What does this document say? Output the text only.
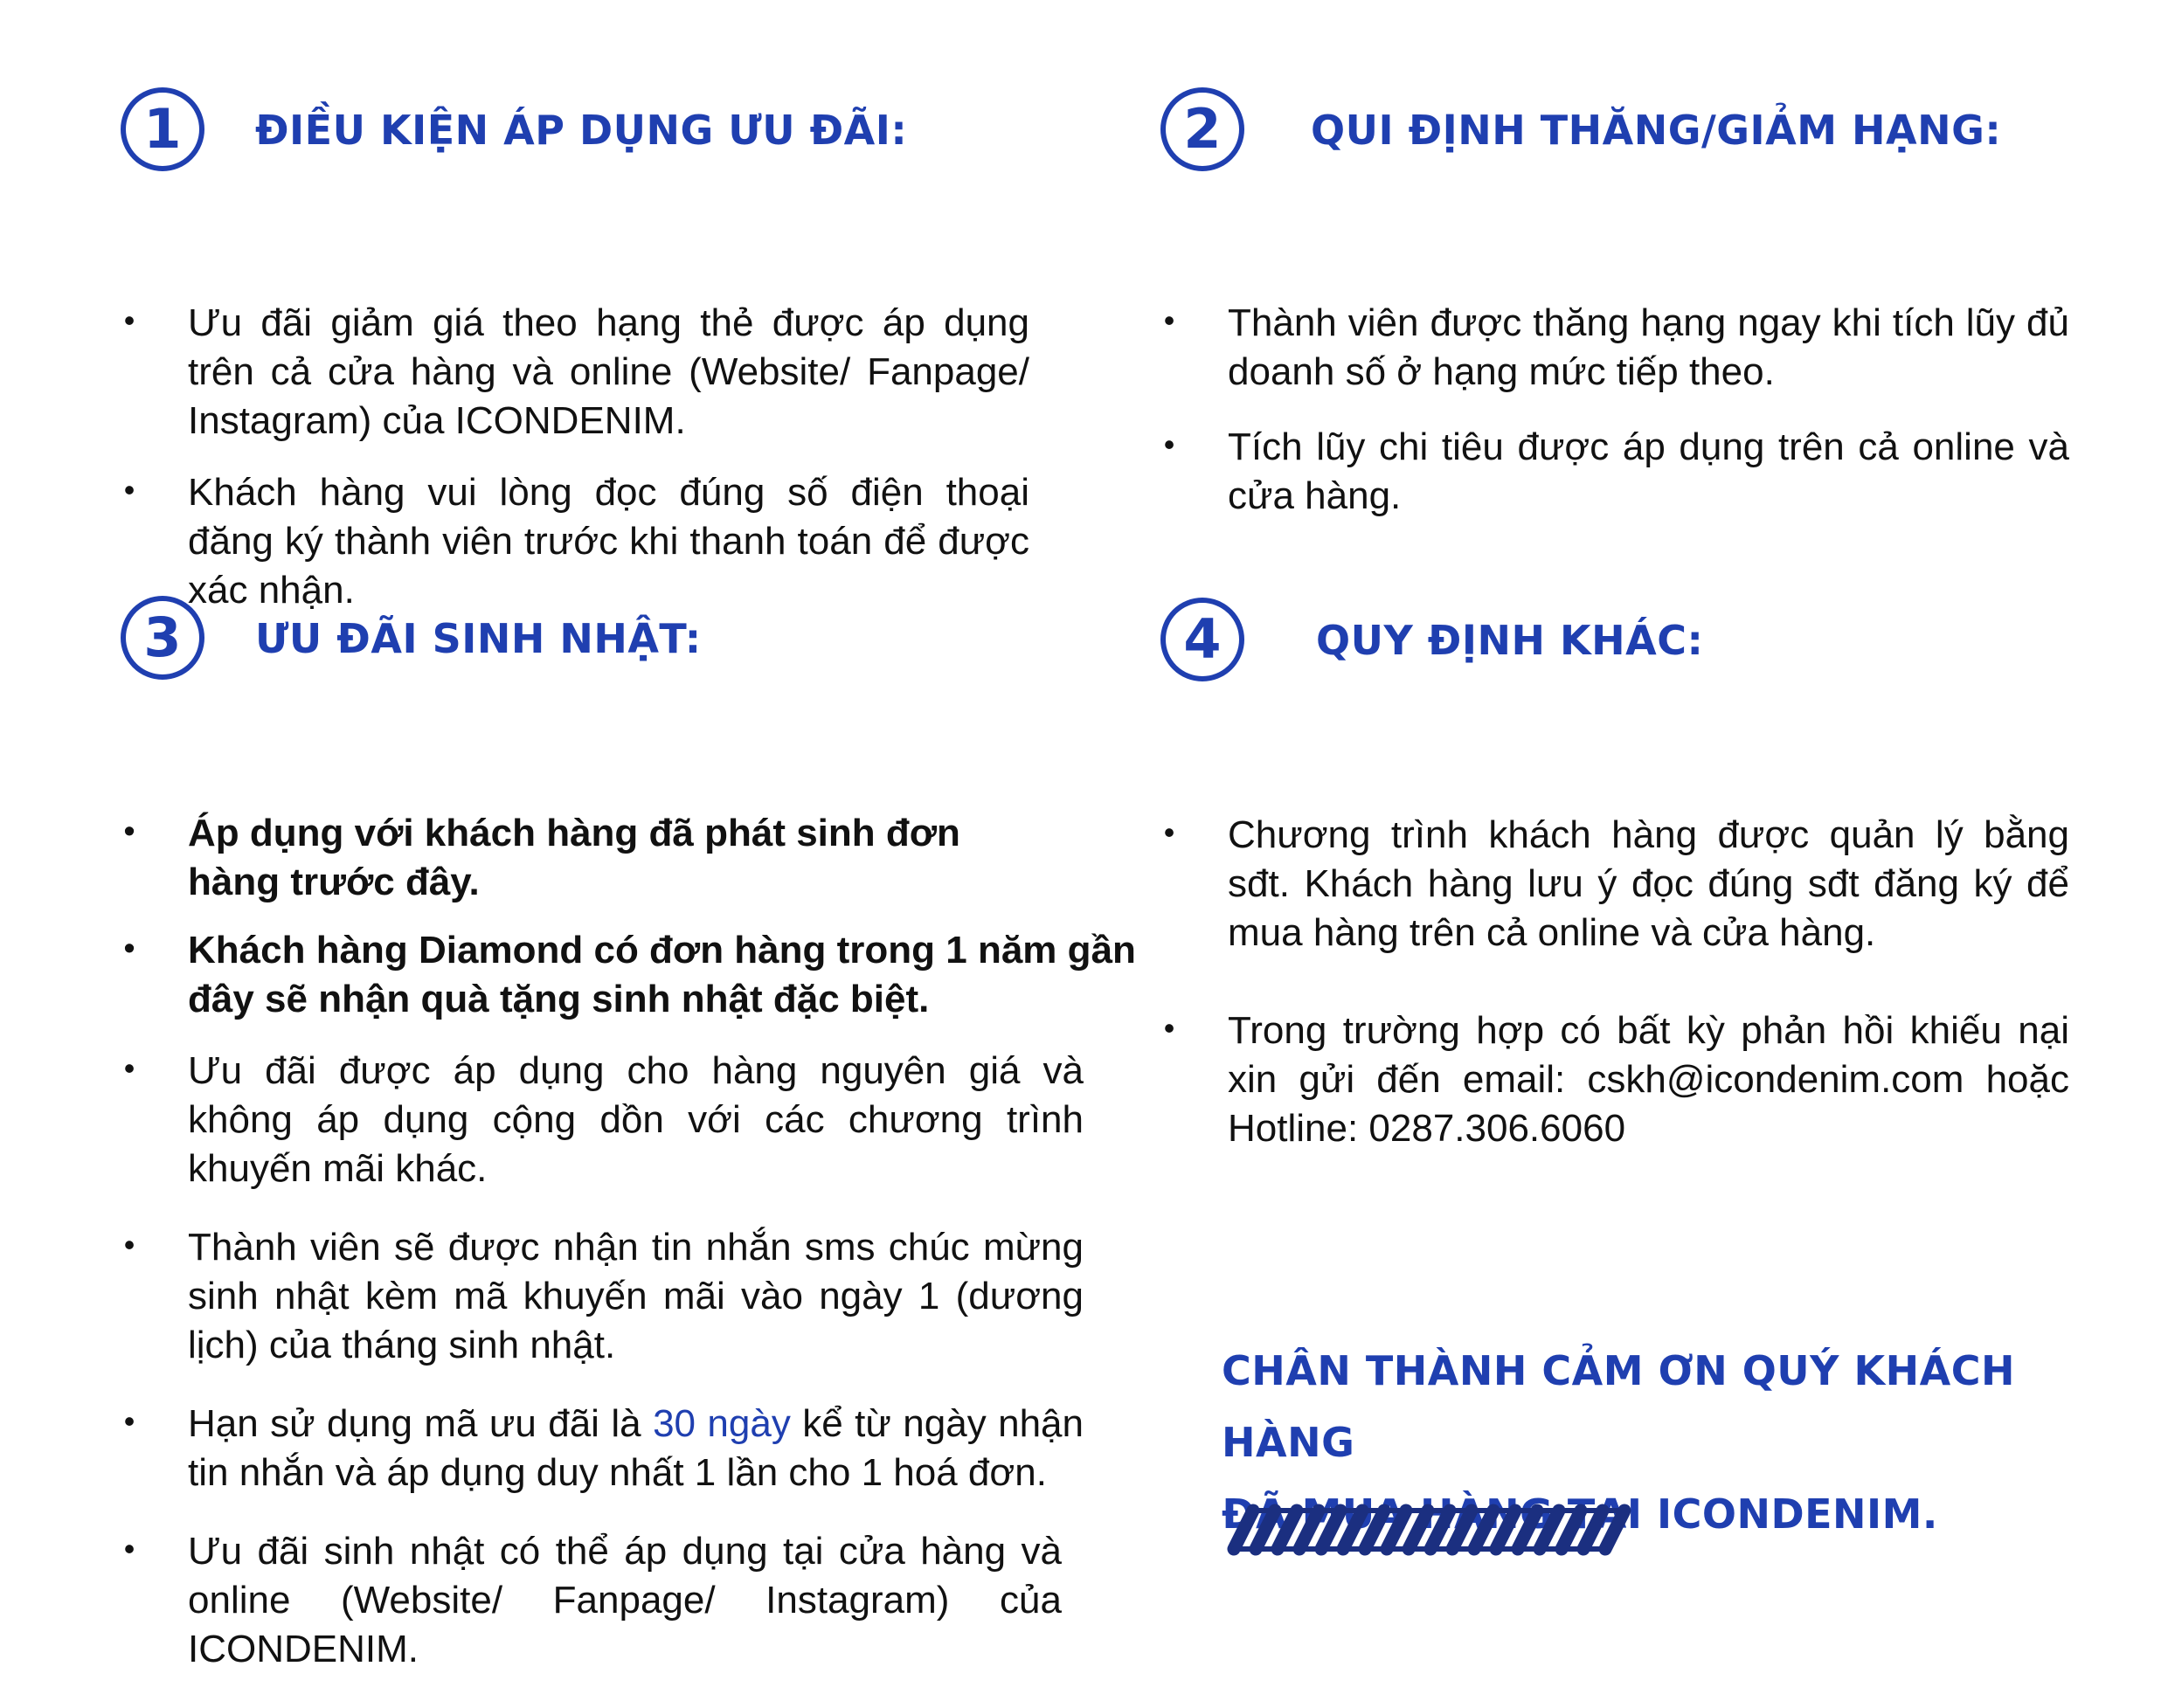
1	ĐIỀU KIỆN ÁP DỤNG ƯU ĐÃI:
• Ưu đãi giảm giá theo hạng thẻ được áp dụng trên cả cửa hàng và online (Website/ Fanpage/ Instagram) của ICONDENIM.
• Khách hàng vui lòng đọc đúng số điện thoại đăng ký thành viên trước khi thanh toán để được xác nhận.
2	QUI ĐỊNH THĂNG/GIẢM HẠNG:
• Thành viên được thăng hạng ngay khi tích lũy đủ doanh số ở hạng mức tiếp theo.
• Tích lũy chi tiêu được áp dụng trên cả online và cửa hàng.
3	ƯU ĐÃI SINH NHẬT:
• Áp dụng với khách hàng đã phát sinh đơn hàng trước đây.
• Khách hàng Diamond có đơn hàng trong 1 năm gần đây sẽ nhận quà tặng sinh nhật đặc biệt.
• Ưu đãi được áp dụng cho hàng nguyên giá và không áp dụng cộng dồn với các chương trình khuyến mãi khác.
• Thành viên sẽ được nhận tin nhắn sms chúc mừng sinh nhật kèm mã khuyến mãi vào ngày 1 (dương lịch) của tháng sinh nhật.
• Hạn sử dụng mã ưu đãi là 30 ngày kể từ ngày nhận tin nhắn và áp dụng duy nhất 1 lần cho 1 hoá đơn.
• Ưu đãi sinh nhật có thể áp dụng tại cửa hàng và online (Website/ Fanpage/ Instagram) của ICONDENIM.
4	QUY ĐỊNH KHÁC:
• Chương trình khách hàng được quản lý bằng sđt. Khách hàng lưu ý đọc đúng sđt đăng ký để mua hàng trên cả online và cửa hàng.
• Trong trường hợp có bất kỳ phản hồi khiếu nại xin gửi đến email: cskh@icondenim.com hoặc Hotline: 0287.306.6060
CHÂN THÀNH CẢM ƠN QUÝ KHÁCH HÀNG
ĐÃ MUA HÀNG TẠI ICONDENIM.
